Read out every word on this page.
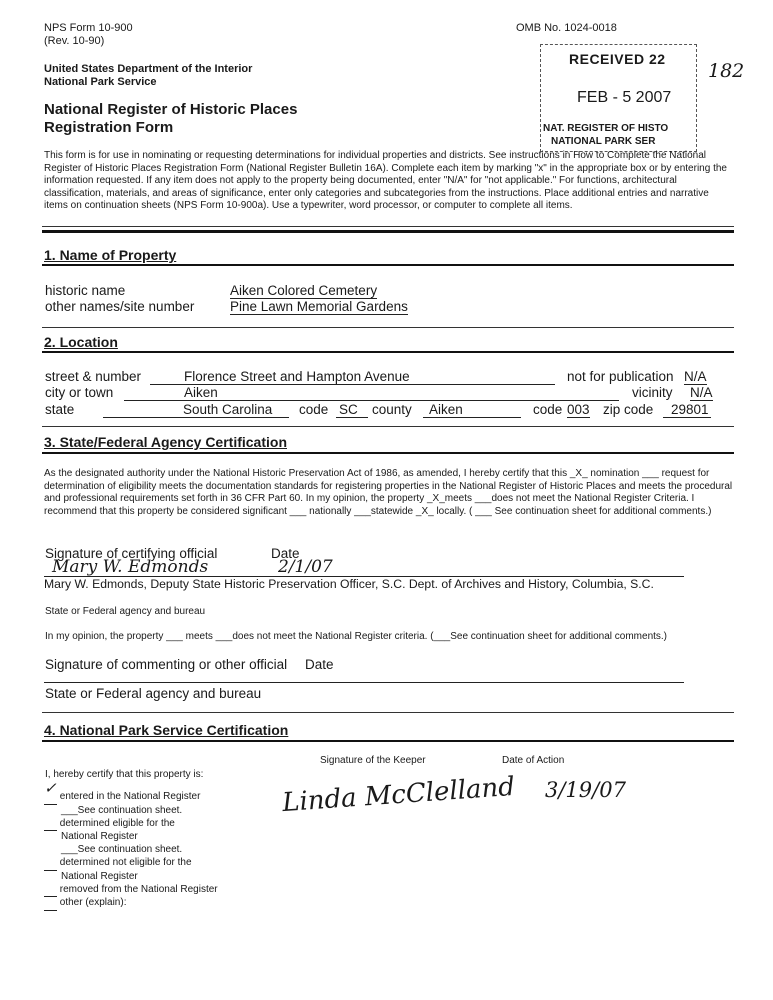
NPS Form 10-900
(Rev. 10-90)
OMB No. 1024-0018
United States Department of the Interior
National Park Service
National Register of Historic Places
Registration Form
182
RECEIVED 22
FEB - 5 2007
NAT. REGISTER OF HISTO
NATIONAL PARK SER
This form is for use in nominating or requesting determinations for individual properties and districts. See instructions in How to Complete the National Register of Historic Places Registration Form (National Register Bulletin 16A). Complete each item by marking "x" in the appropriate box or by entering the information requested. If any item does not apply to the property being documented, enter "N/A" for "not applicable." For functions, architectural classification, materials, and areas of significance, enter only categories and subcategories from the instructions. Place additional entries and narrative items on continuation sheets (NPS Form 10-900a). Use a typewriter, word processor, or computer to complete all items.
1. Name of Property
historic name	Aiken Colored Cemetery
other names/site number	Pine Lawn Memorial Gardens
2. Location
street & number	Florence Street and Hampton Avenue	not for publication N/A
city or town	Aiken	vicinity N/A
state	South Carolina code SC county Aiken	code 003 zip code 29801
3. State/Federal Agency Certification
As the designated authority under the National Historic Preservation Act of 1986, as amended, I hereby certify that this _X_ nomination ___ request for determination of eligibility meets the documentation standards for registering properties in the National Register of Historic Places and meets the procedural and professional requirements set forth in 36 CFR Part 60. In my opinion, the property _X_meets ___does not meet the National Register Criteria. I recommend that this property be considered significant ___ nationally ___statewide _X_ locally. ( ___ See continuation sheet for additional comments.)
Signature of certifying official	Date
Mary W. Edmonds	2/1/07
Mary W. Edmonds, Deputy State Historic Preservation Officer, S.C. Dept. of Archives and History, Columbia, S.C.
State or Federal agency and bureau
In my opinion, the property ___ meets ___does not meet the National Register criteria. (___See continuation sheet for additional comments.)
Signature of commenting or other official Date
State or Federal agency and bureau
4. National Park Service Certification
Signature of the Keeper	Date of Action
I, hereby certify that this property is:	Linda McClelland 3/19/07
✓ entered in the National Register
___See continuation sheet.
determined eligible for the
National Register
___See continuation sheet.
determined not eligible for the
National Register
removed from the National Register
other (explain):
